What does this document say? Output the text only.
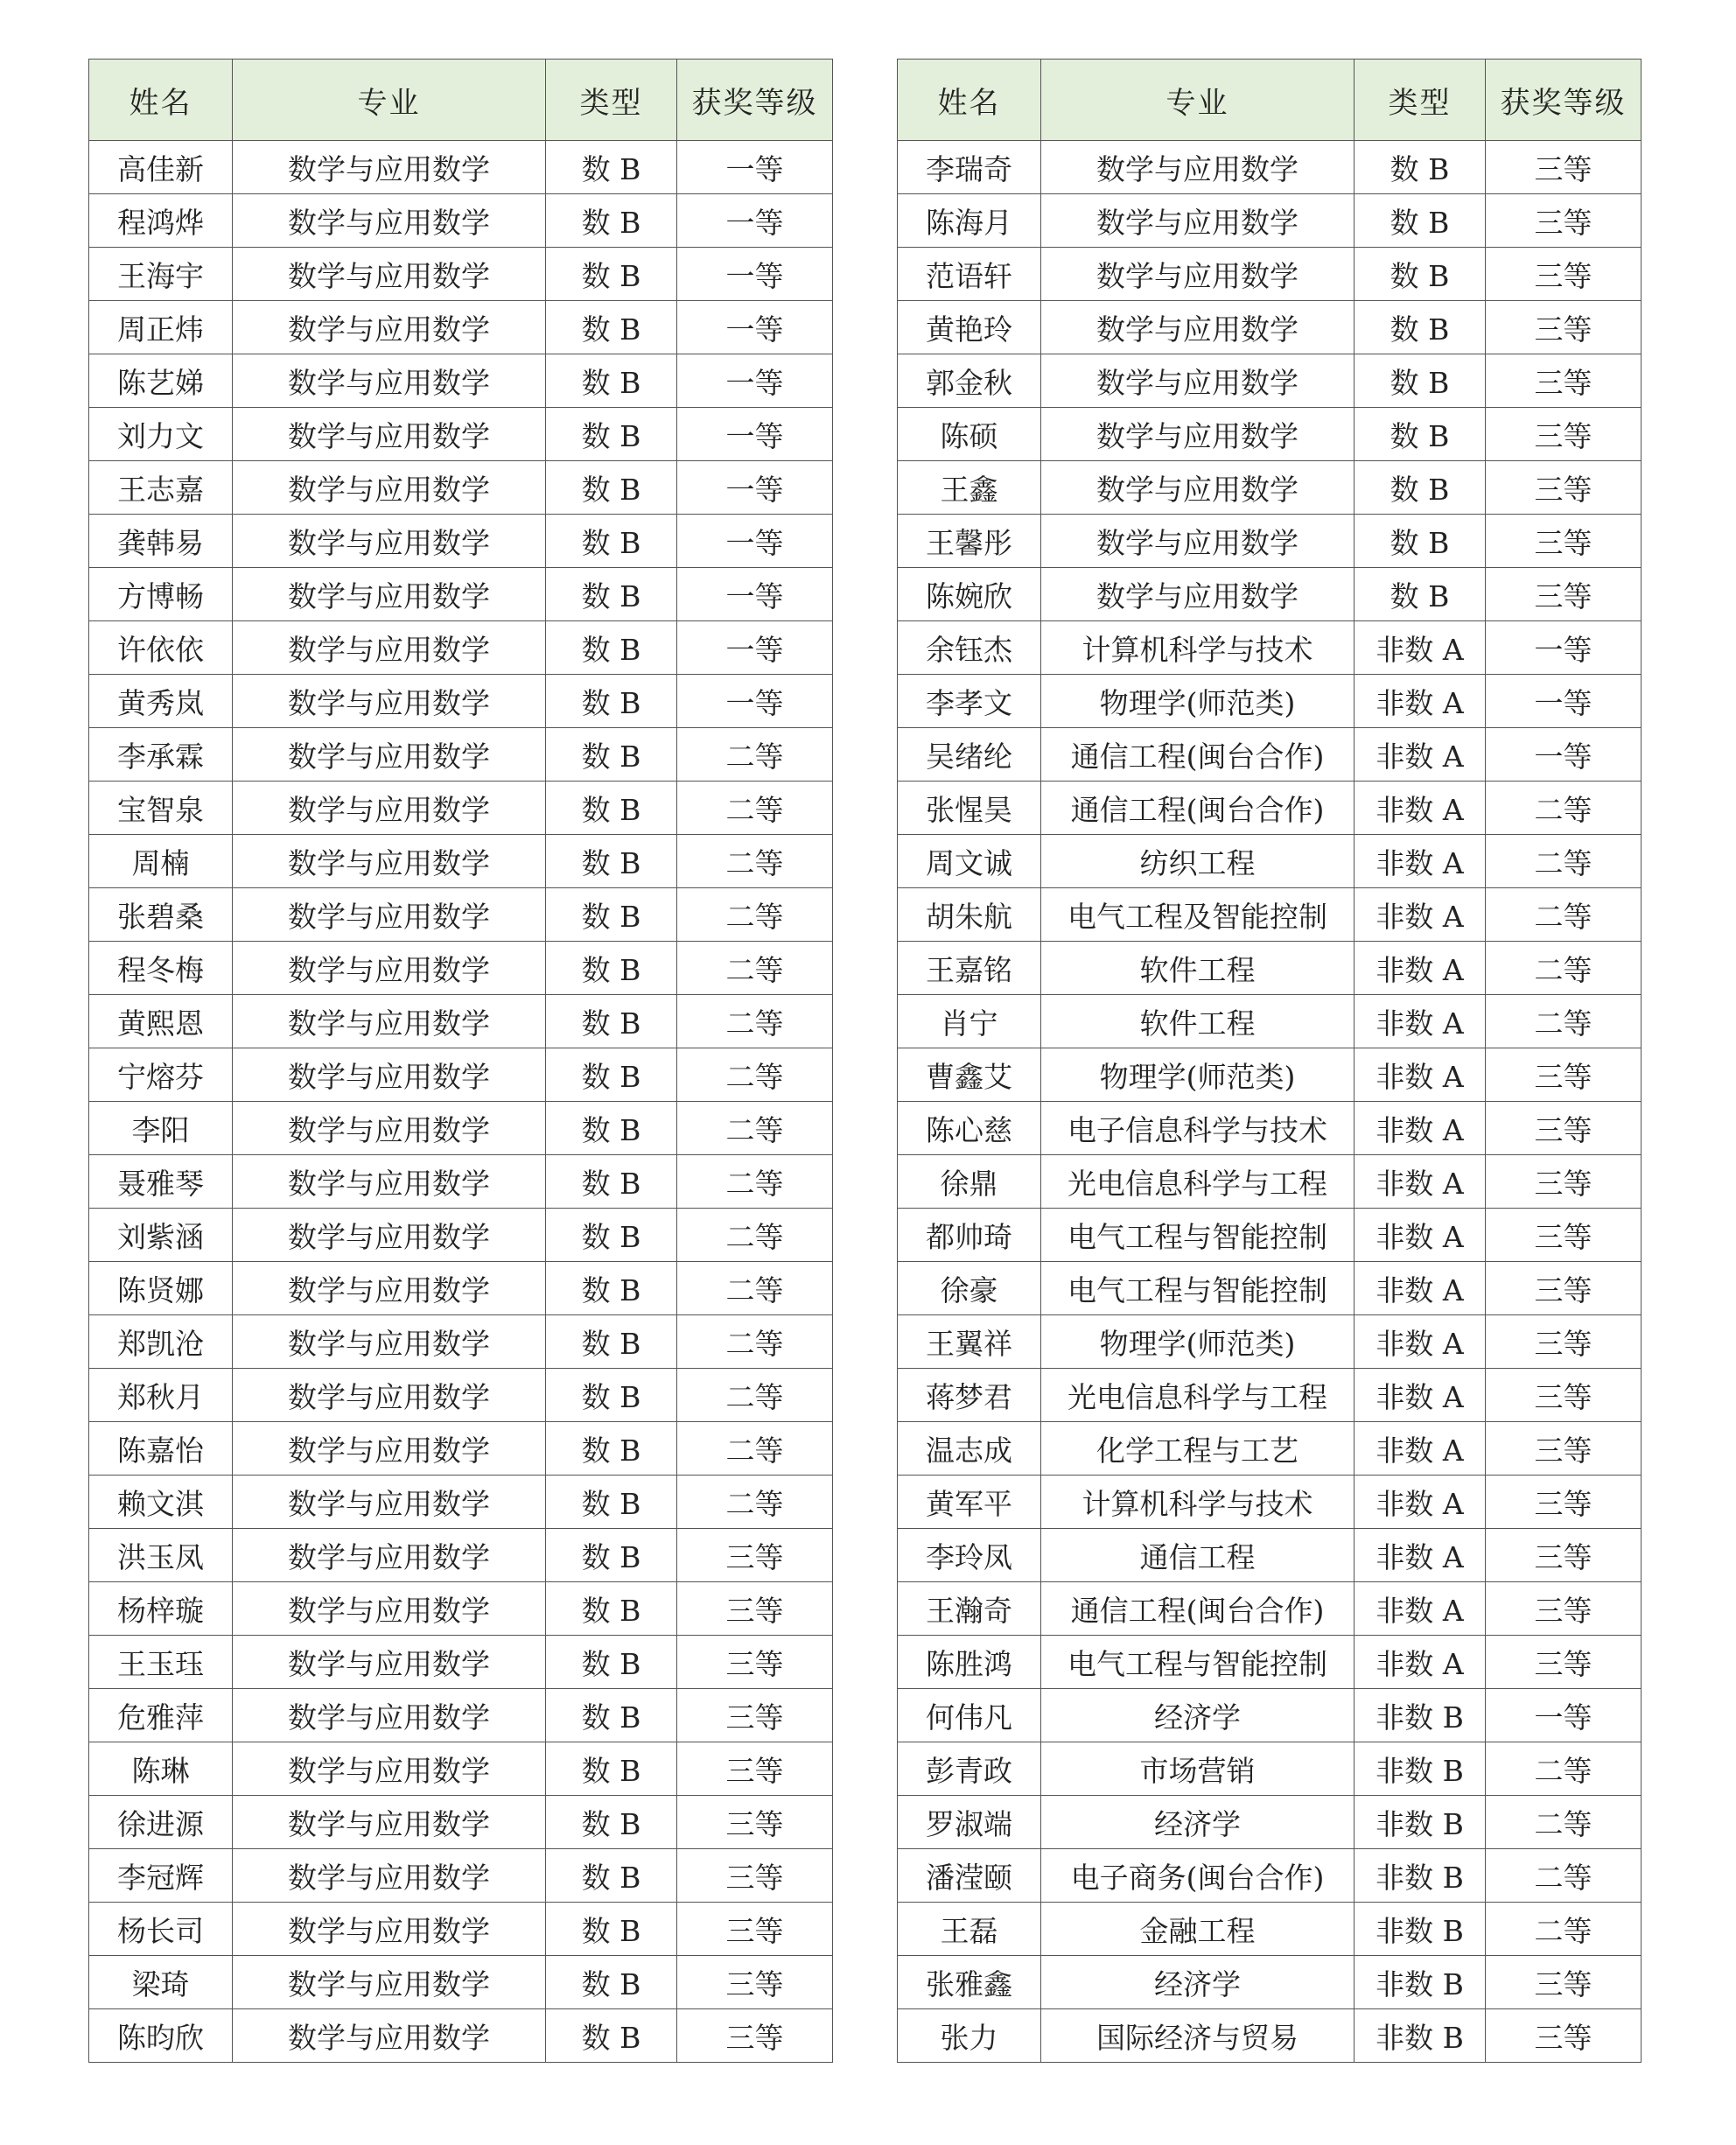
姓名	专业	类型	获奖等级
高佳新	数学与应用数学	数 B	一等
程鸿烨	数学与应用数学	数 B	一等
王海宇	数学与应用数学	数 B	一等
周正炜	数学与应用数学	数 B	一等
陈艺娣	数学与应用数学	数 B	一等
刘力文	数学与应用数学	数 B	一等
王志嘉	数学与应用数学	数 B	一等
龚韩易	数学与应用数学	数 B	一等
方博畅	数学与应用数学	数 B	一等
许依依	数学与应用数学	数 B	一等
黄秀岚	数学与应用数学	数 B	一等
李承霖	数学与应用数学	数 B	二等
宝智泉	数学与应用数学	数 B	二等
周楠	数学与应用数学	数 B	二等
张碧桑	数学与应用数学	数 B	二等
程冬梅	数学与应用数学	数 B	二等
黄熙恩	数学与应用数学	数 B	二等
宁熔芬	数学与应用数学	数 B	二等
李阳	数学与应用数学	数 B	二等
聂雅琴	数学与应用数学	数 B	二等
刘紫涵	数学与应用数学	数 B	二等
陈贤娜	数学与应用数学	数 B	二等
郑凯沧	数学与应用数学	数 B	二等
郑秋月	数学与应用数学	数 B	二等
陈嘉怡	数学与应用数学	数 B	二等
赖文淇	数学与应用数学	数 B	二等
洪玉凤	数学与应用数学	数 B	三等
杨梓璇	数学与应用数学	数 B	三等
王玉珏	数学与应用数学	数 B	三等
危雅萍	数学与应用数学	数 B	三等
陈琳	数学与应用数学	数 B	三等
徐进源	数学与应用数学	数 B	三等
李冠辉	数学与应用数学	数 B	三等
杨长司	数学与应用数学	数 B	三等
梁琦	数学与应用数学	数 B	三等
陈昀欣	数学与应用数学	数 B	三等
姓名	专业	类型	获奖等级
李瑞奇	数学与应用数学	数 B	三等
陈海月	数学与应用数学	数 B	三等
范语轩	数学与应用数学	数 B	三等
黄艳玲	数学与应用数学	数 B	三等
郭金秋	数学与应用数学	数 B	三等
陈硕	数学与应用数学	数 B	三等
王鑫	数学与应用数学	数 B	三等
王馨彤	数学与应用数学	数 B	三等
陈婉欣	数学与应用数学	数 B	三等
余钰杰	计算机科学与技术	非数 A	一等
李孝文	物理学(师范类)	非数 A	一等
吴绪纶	通信工程(闽台合作)	非数 A	一等
张惺昊	通信工程(闽台合作)	非数 A	二等
周文诚	纺织工程	非数 A	二等
胡朱航	电气工程及智能控制	非数 A	二等
王嘉铭	软件工程	非数 A	二等
肖宁	软件工程	非数 A	二等
曹鑫艾	物理学(师范类)	非数 A	三等
陈心慈	电子信息科学与技术	非数 A	三等
徐鼎	光电信息科学与工程	非数 A	三等
都帅琦	电气工程与智能控制	非数 A	三等
徐豪	电气工程与智能控制	非数 A	三等
王翼祥	物理学(师范类)	非数 A	三等
蒋梦君	光电信息科学与工程	非数 A	三等
温志成	化学工程与工艺	非数 A	三等
黄军平	计算机科学与技术	非数 A	三等
李玲凤	通信工程	非数 A	三等
王瀚奇	通信工程(闽台合作)	非数 A	三等
陈胜鸿	电气工程与智能控制	非数 A	三等
何伟凡	经济学	非数 B	一等
彭青政	市场营销	非数 B	二等
罗淑端	经济学	非数 B	二等
潘滢颐	电子商务(闽台合作)	非数 B	二等
王磊	金融工程	非数 B	二等
张雅鑫	经济学	非数 B	三等
张力	国际经济与贸易	非数 B	三等
